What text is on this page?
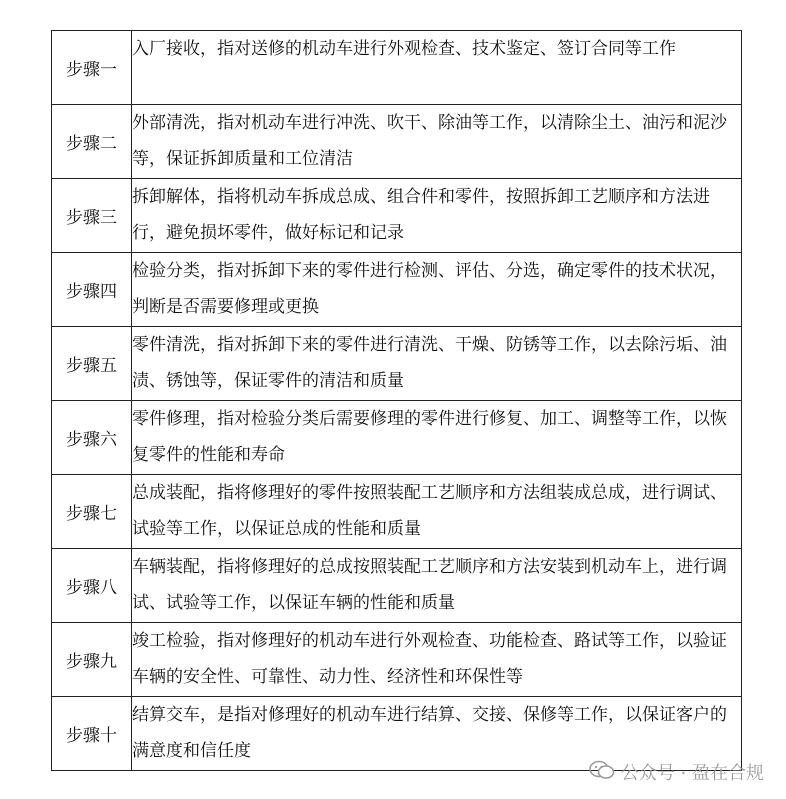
步骤一	入厂接收，指对送修的机动车进行外观检查、技术鉴定、签订合同等工作
步骤二	外部清洗，指对机动车进行冲洗、吹干、除油等工作，以清除尘土、油污和泥沙等，保证拆卸质量和工位清洁
步骤三	拆卸解体，指将机动车拆成总成、组合件和零件，按照拆卸工艺顺序和方法进行，避免损坏零件，做好标记和记录
步骤四	检验分类，指对拆卸下来的零件进行检测、评估、分选，确定零件的技术状况，判断是否需要修理或更换
步骤五	零件清洗，指对拆卸下来的零件进行清洗、干燥、防锈等工作，以去除污垢、油渍、锈蚀等，保证零件的清洁和质量
步骤六	零件修理，指对检验分类后需要修理的零件进行修复、加工、调整等工作，以恢复零件的性能和寿命
步骤七	总成装配，指将修理好的零件按照装配工艺顺序和方法组装成总成，进行调试、试验等工作，以保证总成的性能和质量
步骤八	车辆装配，指将修理好的总成按照装配工艺顺序和方法安装到机动车上，进行调试、试验等工作，以保证车辆的性能和质量
步骤九	竣工检验，指对修理好的机动车进行外观检查、功能检查、路试等工作，以验证车辆的安全性、可靠性、动力性、经济性和环保性等
步骤十	结算交车，是指对修理好的机动车进行结算、交接、保修等工作，以保证客户的满意度和信任度
公众号 · 盈在合规
